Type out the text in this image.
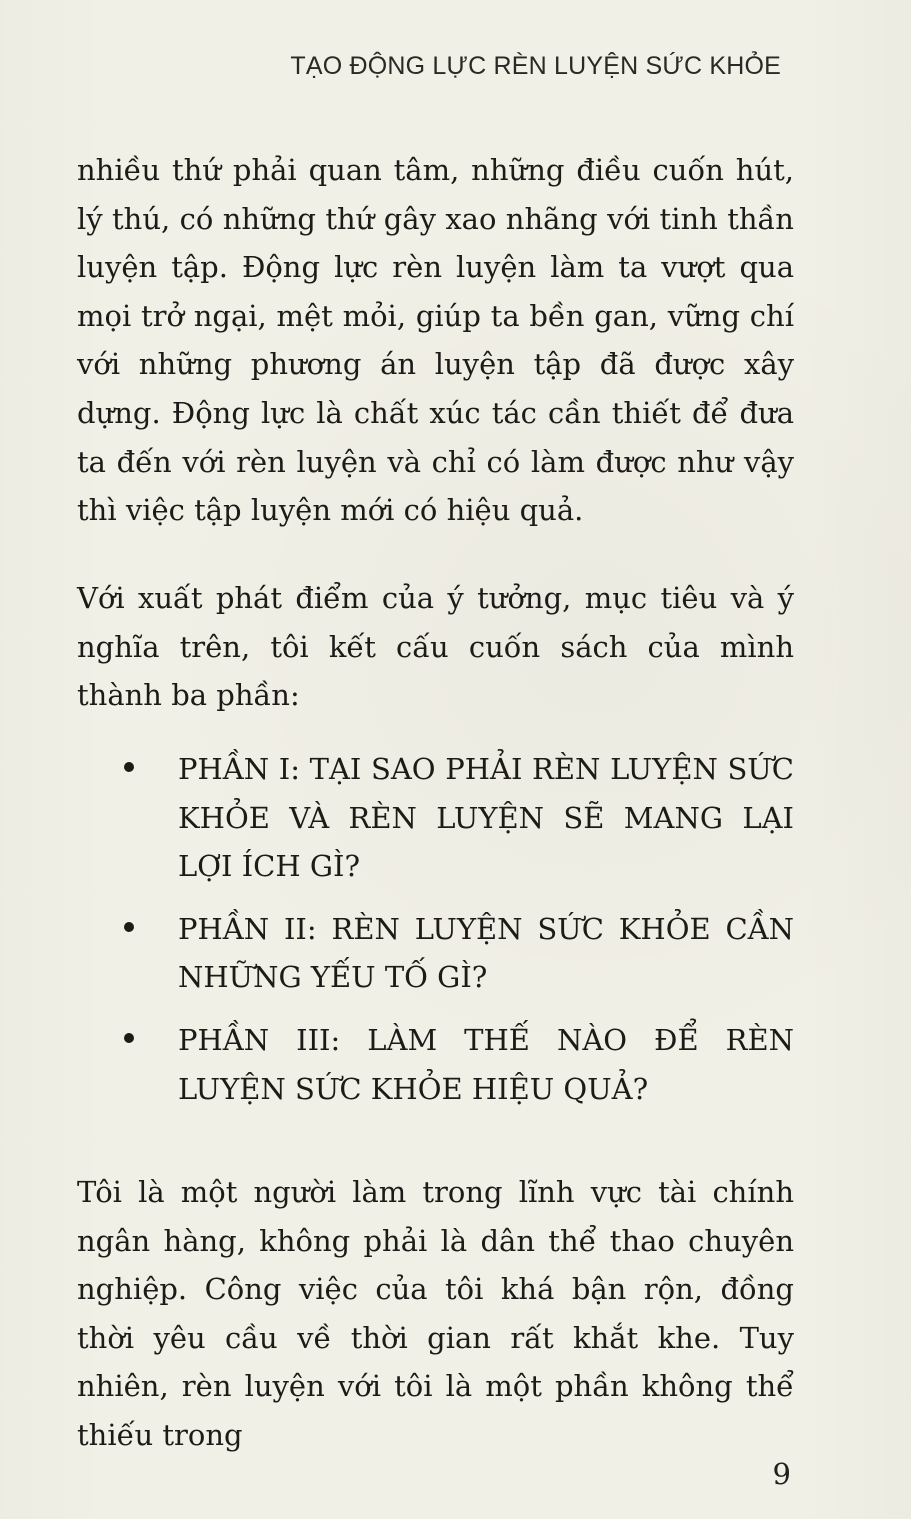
TẠO ĐỘNG LỰC RÈN LUYỆN SỨC KHỎE
nhiều thứ phải quan tâm, những điều cuốn hút, lý thú, có những thứ gây xao nhãng với tinh thần luyện tập. Động lực rèn luyện làm ta vượt qua mọi trở ngại, mệt mỏi, giúp ta bền gan, vững chí với những phương án luyện tập đã được xây dựng. Động lực là chất xúc tác cần thiết để đưa ta đến với rèn luyện và chỉ có làm được như vậy thì việc tập luyện mới có hiệu quả.
Với xuất phát điểm của ý tưởng, mục tiêu và ý nghĩa trên, tôi kết cấu cuốn sách của mình thành ba phần:
PHẦN I: TẠI SAO PHẢI RÈN LUYỆN SỨC KHỎE VÀ RÈN LUYỆN SẼ MANG LẠI LỢI ÍCH GÌ?
PHẦN II: RÈN LUYỆN SỨC KHỎE CẦN NHỮNG YẾU TỐ GÌ?
PHẦN III: LÀM THẾ NÀO ĐỂ RÈN LUYỆN SỨC KHỎE HIỆU QUẢ?
Tôi là một người làm trong lĩnh vực tài chính ngân hàng, không phải là dân thể thao chuyên nghiệp. Công việc của tôi khá bận rộn, đồng thời yêu cầu về thời gian rất khắt khe. Tuy nhiên, rèn luyện với tôi là một phần không thể thiếu trong
9
